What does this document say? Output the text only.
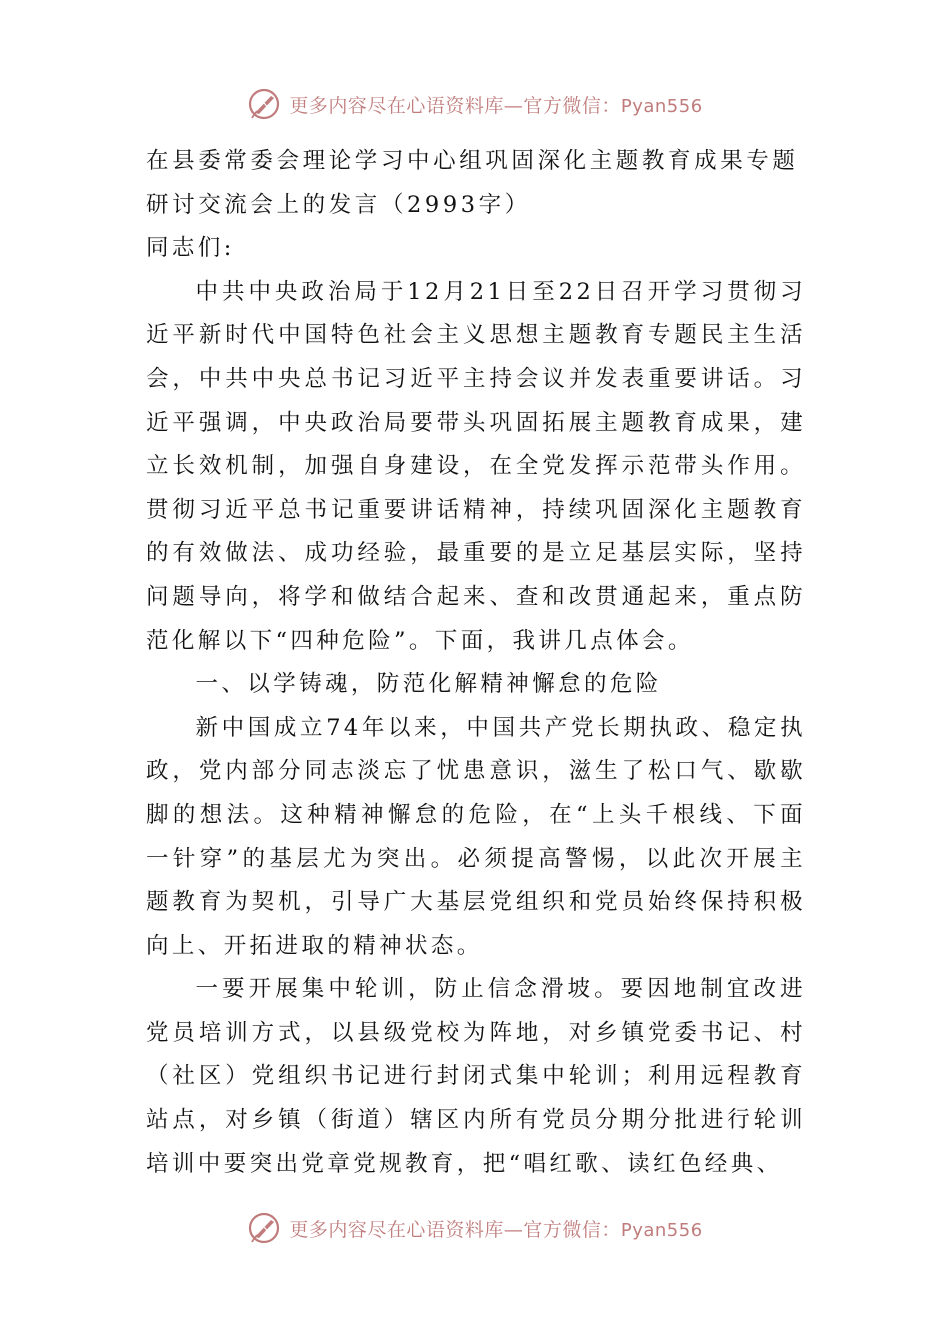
更多内容尽在心语资料库—官方微信：Pyan556

在县委常委会理论学习中心组巩固深化主题教育成果专题研讨交流会上的发言（2993字）

同志们:

中共中央政治局于12月21日至22日召开学习贯彻习近平新时代中国特色社会主义思想主题教育专题民主生活会，中共中央总书记习近平主持会议并发表重要讲话。习近平强调，中央政治局要带头巩固拓展主题教育成果，建立长效机制，加强自身建设，在全党发挥示范带头作用。贯彻习近平总书记重要讲话精神，持续巩固深化主题教育的有效做法、成功经验，最重要的是立足基层实际，坚持问题导向，将学和做结合起来、查和改贯通起来，重点防范化解以下“四种危险”。下面，我讲几点体会。

一、以学铸魂，防范化解精神懈怠的危险

新中国成立74年以来，中国共产党长期执政、稳定执政，党内部分同志淡忘了忧患意识，滋生了松口气、歇歇脚的想法。这种精神懈怠的危险，在“上头千根线、下面一针穿”的基层尤为突出。必须提高警惕，以此次开展主题教育为契机，引导广大基层党组织和党员始终保持积极向上、开拓进取的精神状态。

一要开展集中轮训，防止信念滑坡。要因地制宜改进党员培训方式，以县级党校为阵地，对乡镇党委书记、村（社区）党组织书记进行封闭式集中轮训；利用远程教育站点，对乡镇（街道）辖区内所有党员分期分批进行轮训培训中要突出党章党规教育，把“唱红歌、读红色经典、

更多内容尽在心语资料库—官方微信：Pyan556
